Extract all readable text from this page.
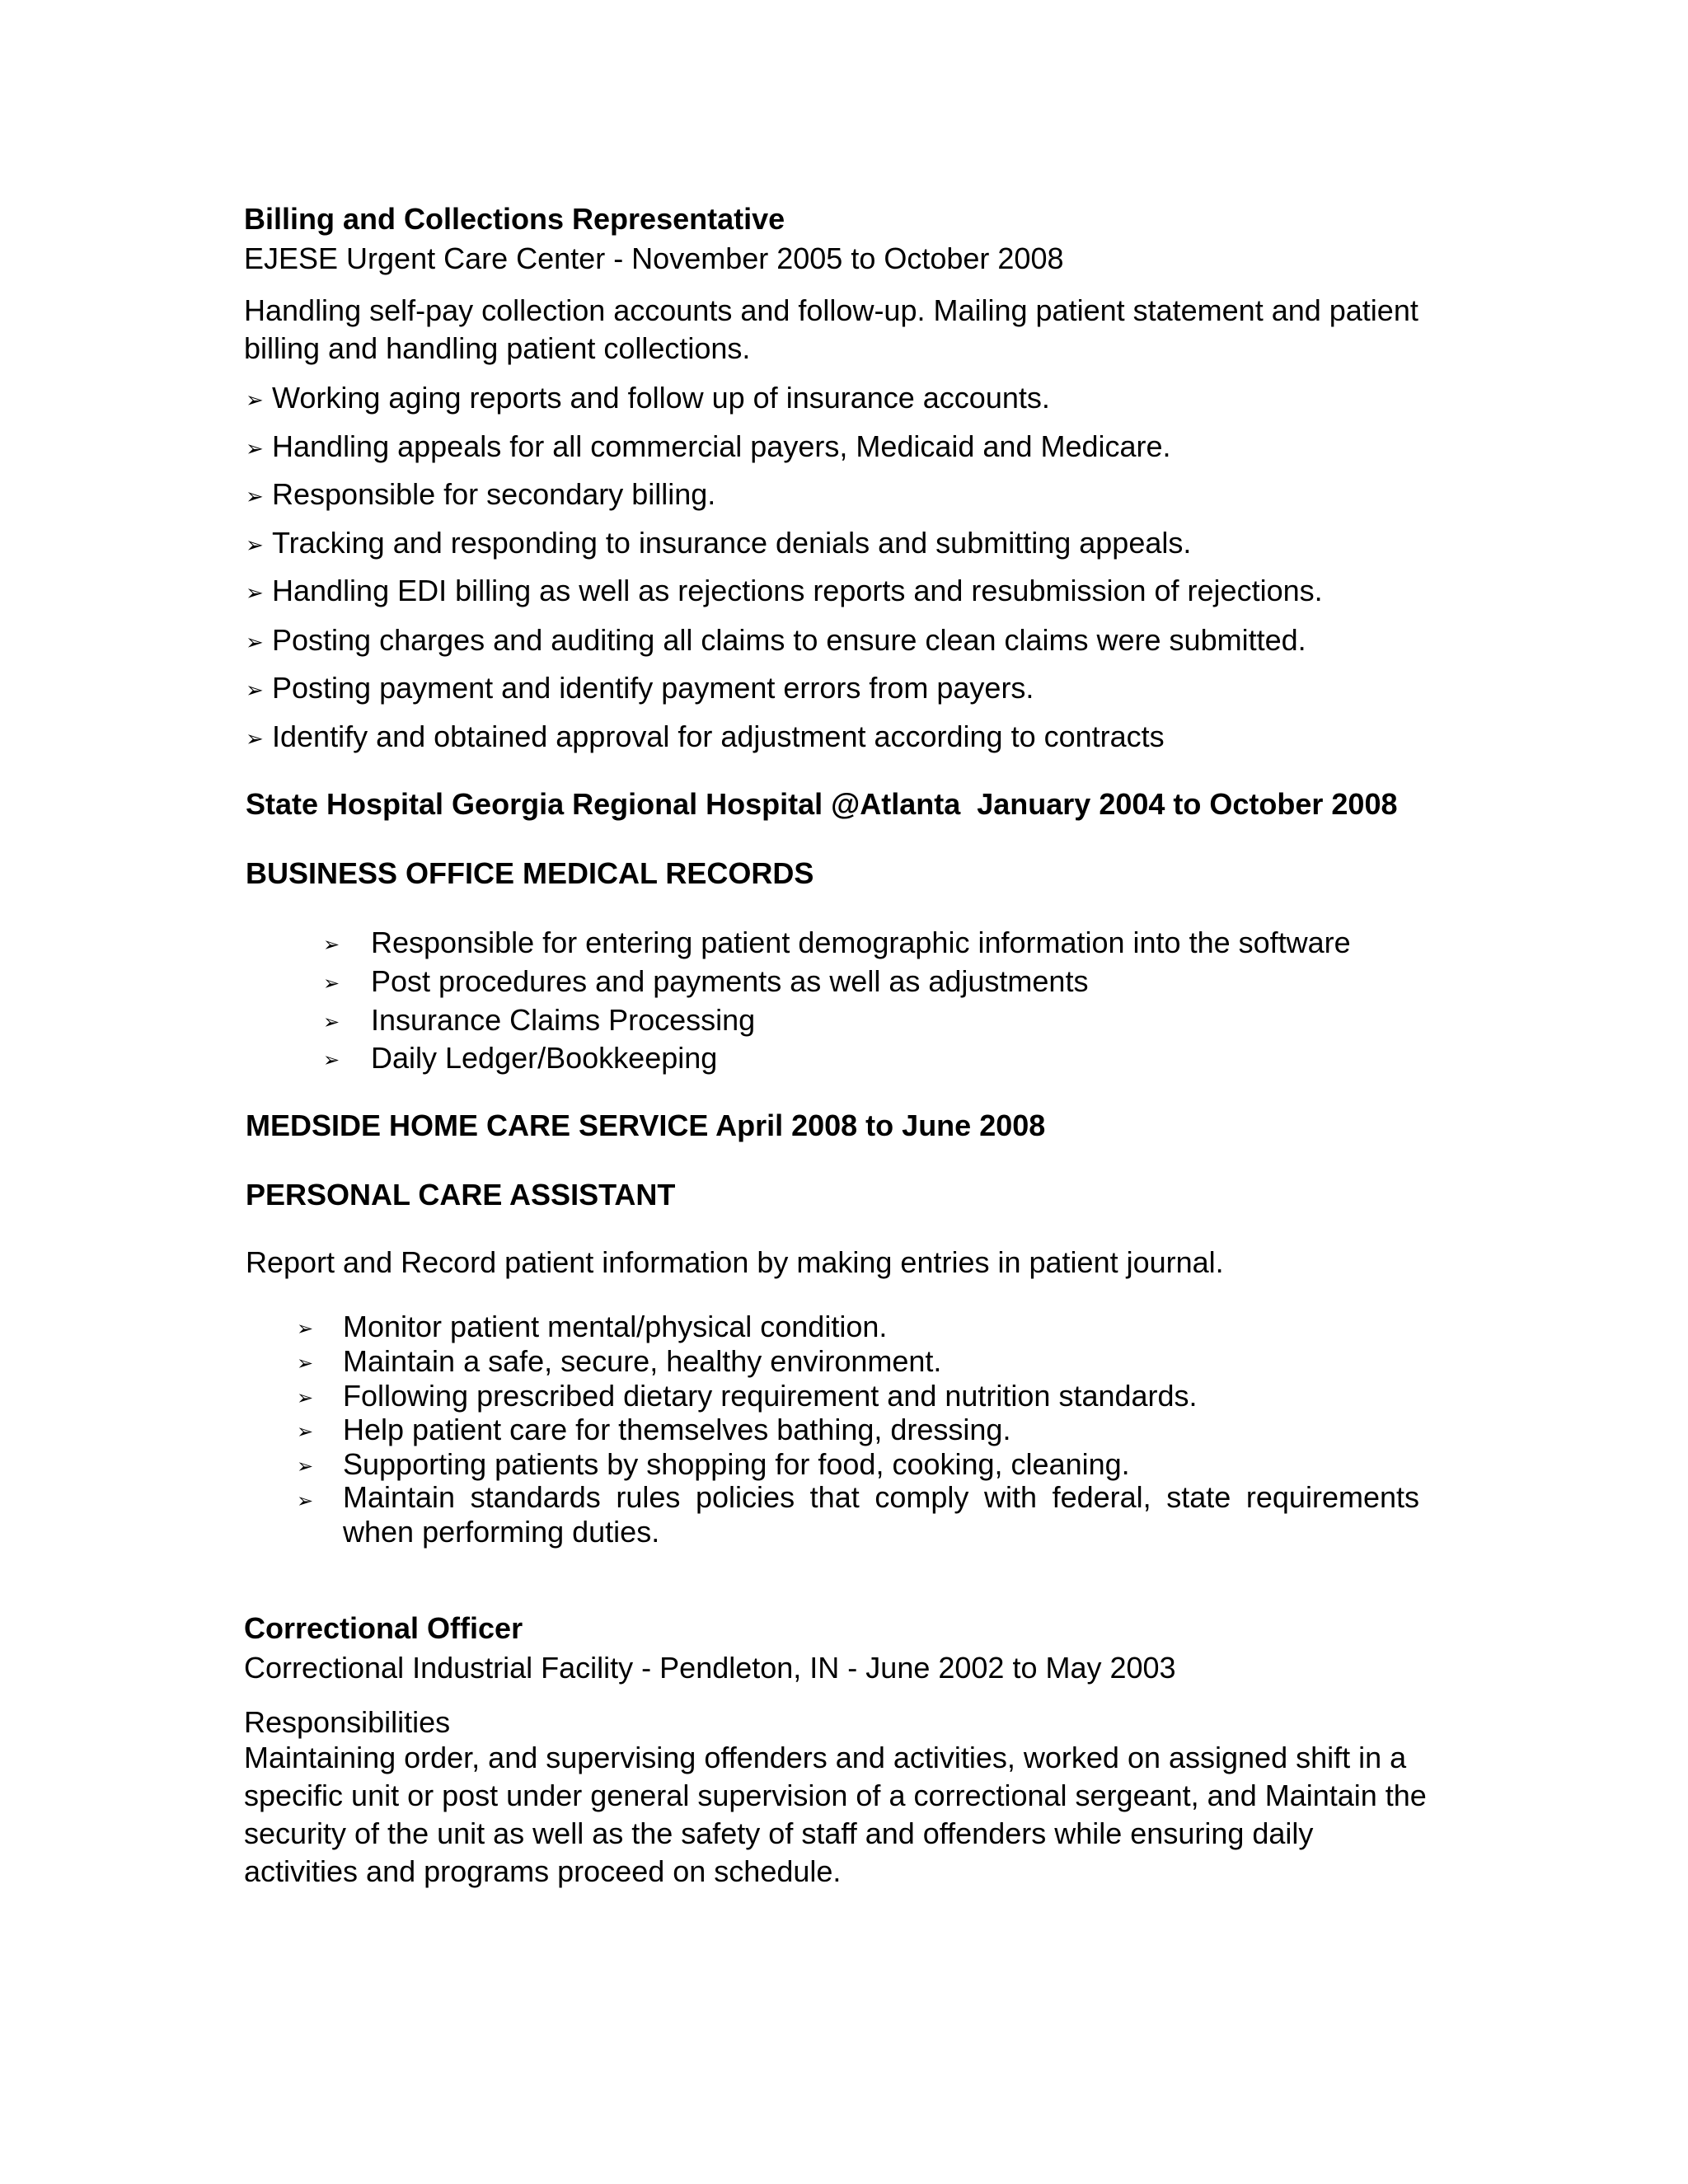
Billing and Collections Representative
EJESE Urgent Care Center - November 2005 to October 2008
Handling self-pay collection accounts and follow-up. Mailing patient statement and patient billing and handling patient collections.
➢ Working aging reports and follow up of insurance accounts.
➢ Handling appeals for all commercial payers, Medicaid and Medicare.
➢ Responsible for secondary billing.
➢ Tracking and responding to insurance denials and submitting appeals.
➢ Handling EDI billing as well as rejections reports and resubmission of rejections.
➢ Posting charges and auditing all claims to ensure clean claims were submitted.
➢ Posting payment and identify payment errors from payers.
➢ Identify and obtained approval for adjustment according to contracts
State Hospital Georgia Regional Hospital @Atlanta  January 2004 to October 2008
BUSINESS OFFICE MEDICAL RECORDS
➢ Responsible for entering patient demographic information into the software
➢ Post procedures and payments as well as adjustments
➢ Insurance Claims Processing
➢ Daily Ledger/Bookkeeping
MEDSIDE HOME CARE SERVICE April 2008 to June 2008
PERSONAL CARE ASSISTANT
Report and Record patient information by making entries in patient journal.
➢ Monitor patient mental/physical condition.
➢ Maintain a safe, secure, healthy environment.
➢ Following prescribed dietary requirement and nutrition standards.
➢ Help patient care for themselves bathing, dressing.
➢ Supporting patients by shopping for food, cooking, cleaning.
➢ Maintain standards rules policies that comply with federal, state requirements when performing duties.
Correctional Officer
Correctional Industrial Facility - Pendleton, IN - June 2002 to May 2003
Responsibilities
Maintaining order, and supervising offenders and activities, worked on assigned shift in a specific unit or post under general supervision of a correctional sergeant, and Maintain the security of the unit as well as the safety of staff and offenders while ensuring daily activities and programs proceed on schedule.
